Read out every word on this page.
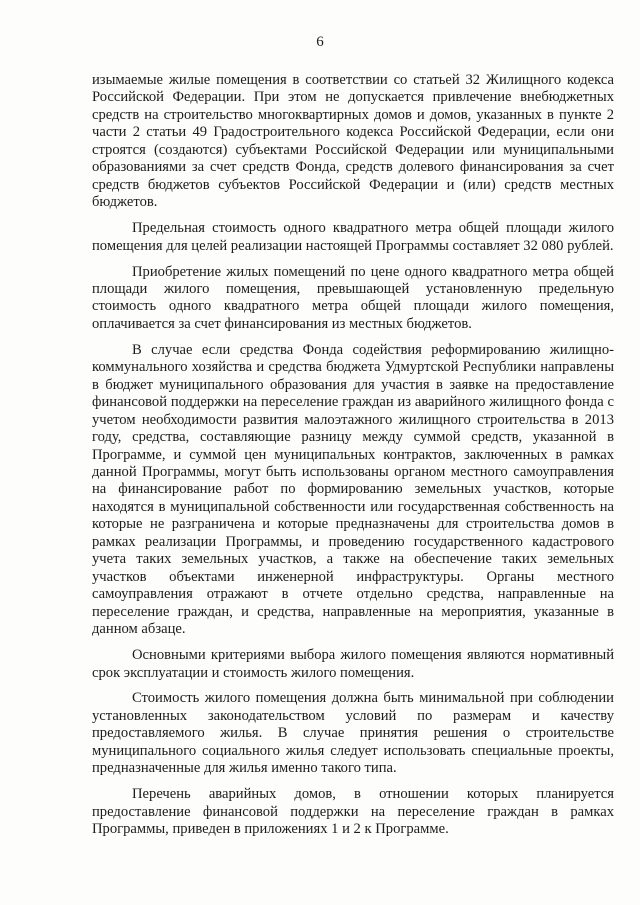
6

изымаемые жилые помещения в соответствии со статьей 32 Жилищного кодекса Российской Федерации. При этом не допускается привлечение внебюджетных средств на строительство многоквартирных домов и домов, указанных в пункте 2 части 2 статьи 49 Градостроительного кодекса Российской Федерации, если они строятся (создаются) субъектами Российской Федерации или муниципальными образованиями за счет средств Фонда, средств долевого финансирования за счет средств бюджетов субъектов Российской Федерации и (или) средств местных бюджетов.

Предельная стоимость одного квадратного метра общей площади жилого помещения для целей реализации настоящей Программы составляет 32 080 рублей.

Приобретение жилых помещений по цене одного квадратного метра общей площади жилого помещения, превышающей установленную предельную стоимость одного квадратного метра общей площади жилого помещения, оплачивается за счет финансирования из местных бюджетов.

В случае если средства Фонда содействия реформированию жилищно-коммунального хозяйства и средства бюджета Удмуртской Республики направлены в бюджет муниципального образования для участия в заявке на предоставление финансовой поддержки на переселение граждан из аварийного жилищного фонда с учетом необходимости развития малоэтажного жилищного строительства в 2013 году, средства, составляющие разницу между суммой средств, указанной в Программе, и суммой цен муниципальных контрактов, заключенных в рамках данной Программы, могут быть использованы органом местного самоуправления на финансирование работ по формированию земельных участков, которые находятся в муниципальной собственности или государственная собственность на которые не разграничена и которые предназначены для строительства домов в рамках реализации Программы, и проведению государственного кадастрового учета таких земельных участков, а также на обеспечение таких земельных участков объектами инженерной инфраструктуры. Органы местного самоуправления отражают в отчете отдельно средства, направленные на переселение граждан, и средства, направленные на мероприятия, указанные в данном абзаце.

Основными критериями выбора жилого помещения являются нормативный срок эксплуатации и стоимость жилого помещения.

Стоимость жилого помещения должна быть минимальной при соблюдении установленных законодательством условий по размерам и качеству предоставляемого жилья. В случае принятия решения о строительстве муниципального социального жилья следует использовать специальные проекты, предназначенные для жилья именно такого типа.

Перечень аварийных домов, в отношении которых планируется предоставление финансовой поддержки на переселение граждан в рамках Программы, приведен в приложениях 1 и 2 к Программе.
